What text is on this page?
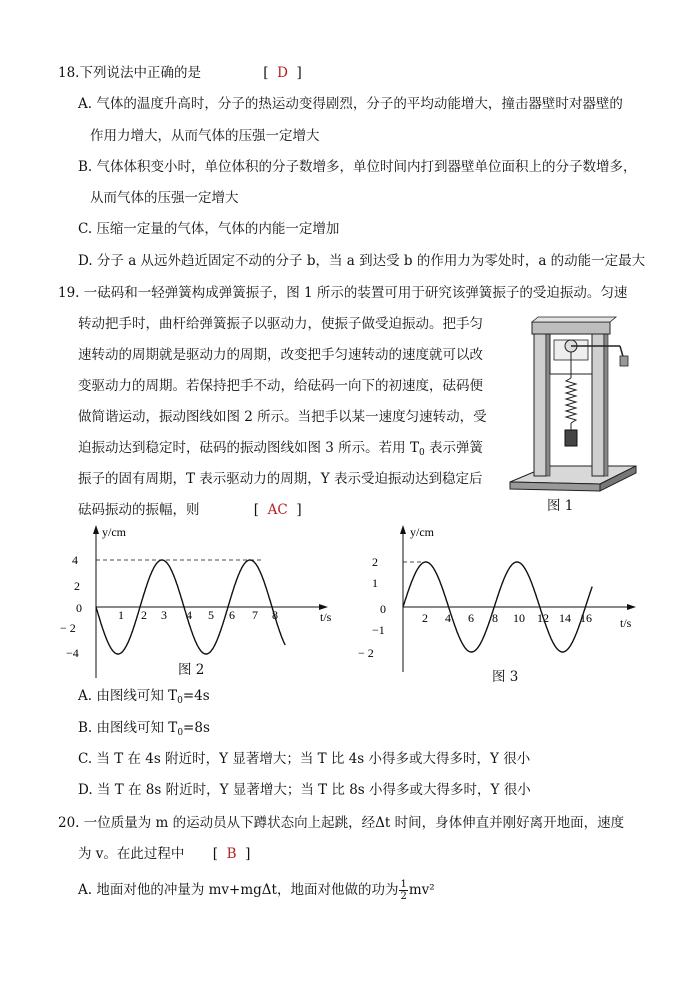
18.下列说法中正确的是	[  D  ]
A. 气体的温度升高时，分子的热运动变得剧烈，分子的平均动能增大，撞击器壁时对器壁的
作用力增大，从而气体的压强一定增大
B. 气体体积变小时，单位体积的分子数增多，单位时间内打到器壁单位面积上的分子数增多，
从而气体的压强一定增大
C. 压缩一定量的气体，气体的内能一定增加
D. 分子 a 从远外趋近固定不动的分子 b，当 a 到达受 b 的作用力为零处时，a 的动能一定最大
19. 一砝码和一轻弹簧构成弹簧振子，图 1 所示的装置可用于研究该弹簧振子的受迫振动。匀速
转动把手时，曲杆给弹簧振子以驱动力，使振子做受迫振动。把手匀
速转动的周期就是驱动力的周期，改变把手匀速转动的速度就可以改
变驱动力的周期。若保持把手不动，给砝码一向下的初速度，砝码便
做简谐运动，振动图线如图 2 所示。当把手以某一速度匀速转动，受
迫振动达到稳定时，砝码的振动图线如图 3 所示。若用 $T_0$ 表示弹簧
振子的固有周期，T 表示驱动力的周期，Y 表示受迫振动达到稳定后
砝码振动的振幅，则	[  AC  ]	图 1
y/cm
t/s
4
2
0
− 2
−4
1 2 3 4 5 6 7 8
图 2
y/cm
t/s
2
1
0
−1
− 2
2 4 6 8 10 12 14 16
图 3
A. 由图线可知 $T_0=4s$
B. 由图线可知 $T_0=8s$
C. 当 T 在 4s 附近时，Y 显著增大；当 T 比 4s 小得多或大得多时，Y 很小
D. 当 T 在 8s 附近时，Y 显著增大；当 T 比 8s 小得多或大得多时，Y 很小
20. 一位质量为 m 的运动员从下蹲状态向上起跳，经Δt 时间，身体伸直并刚好离开地面，速度
为 v。在此过程中 [  B  ]
A. 地面对他的冲量为 mv+mgΔt，地面对他做的功为 $\frac{1}{2} mv^2$
